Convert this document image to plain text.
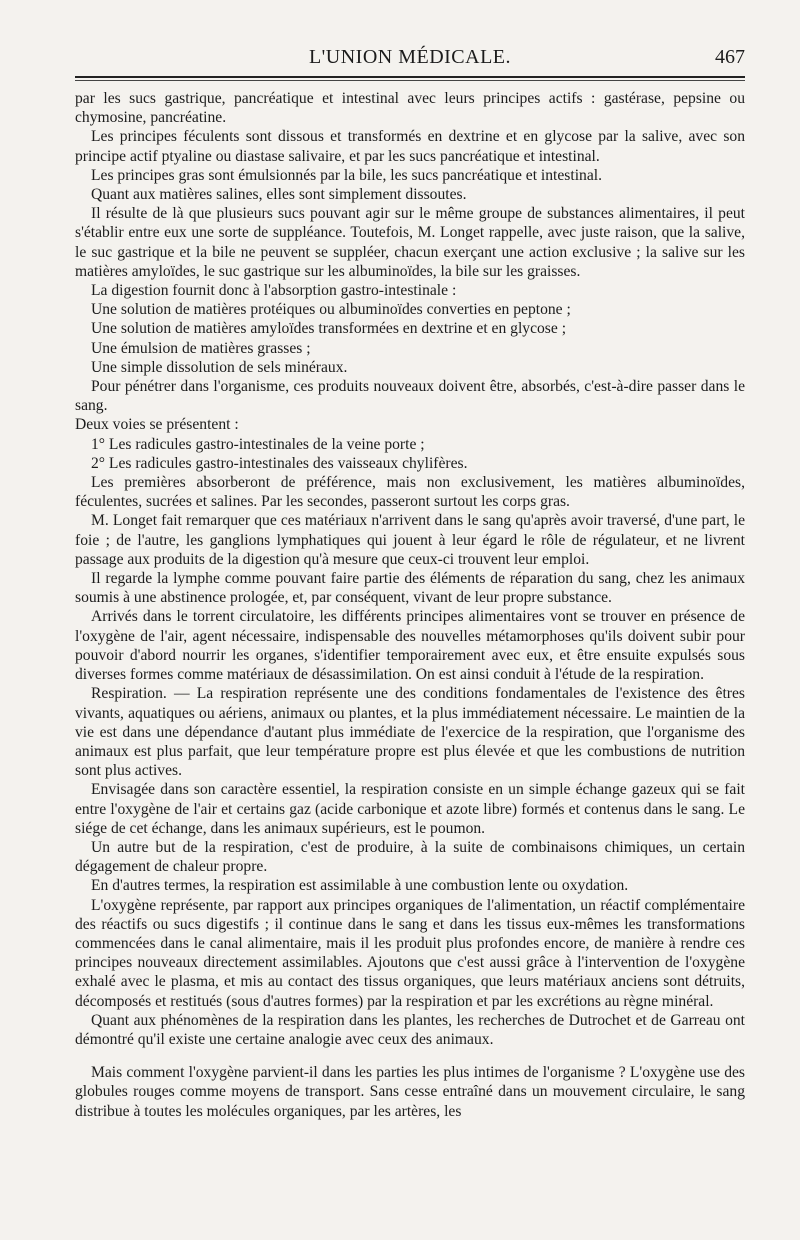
L'UNION MÉDICALE.	467

par les sucs gastrique, pancréatique et intestinal avec leurs principes actifs : gastérase, pepsine ou chymosine, pancréatine.

Les principes féculents sont dissous et transformés en dextrine et en glycose par la salive, avec son principe actif ptyaline ou diastase salivaire, et par les sucs pancréatique et intestinal.

Les principes gras sont émulsionnés par la bile, les sucs pancréatique et intestinal.

Quant aux matières salines, elles sont simplement dissoutes.

Il résulte de là que plusieurs sucs pouvant agir sur le même groupe de substances alimentaires, il peut s'établir entre eux une sorte de suppléance. Toutefois, M. Longet rappelle, avec juste raison, que la salive, le suc gastrique et la bile ne peuvent se suppléer, chacun exerçant une action exclusive ; la salive sur les matières amyloïdes, le suc gastrique sur les albuminoïdes, la bile sur les graisses.

La digestion fournit donc à l'absorption gastro-intestinale :

Une solution de matières protéiques ou albuminoïdes converties en peptone ;

Une solution de matières amyloïdes transformées en dextrine et en glycose ;

Une émulsion de matières grasses ;

Une simple dissolution de sels minéraux.

Pour pénétrer dans l'organisme, ces produits nouveaux doivent être, absorbés, c'est-à-dire passer dans le sang.

Deux voies se présentent :

1° Les radicules gastro-intestinales de la veine porte ;

2° Les radicules gastro-intestinales des vaisseaux chylifères.

Les premières absorberont de préférence, mais non exclusivement, les matières albuminoïdes, féculentes, sucrées et salines. Par les secondes, passeront surtout les corps gras.

M. Longet fait remarquer que ces matériaux n'arrivent dans le sang qu'après avoir traversé, d'une part, le foie ; de l'autre, les ganglions lymphatiques qui jouent à leur égard le rôle de régulateur, et ne livrent passage aux produits de la digestion qu'à mesure que ceux-ci trouvent leur emploi.

Il regarde la lymphe comme pouvant faire partie des éléments de réparation du sang, chez les animaux soumis à une abstinence prologée, et, par conséquent, vivant de leur propre substance.

Arrivés dans le torrent circulatoire, les différents principes alimentaires vont se trouver en présence de l'oxygène de l'air, agent nécessaire, indispensable des nouvelles métamorphoses qu'ils doivent subir pour pouvoir d'abord nourrir les organes, s'identifier temporairement avec eux, et être ensuite expulsés sous diverses formes comme matériaux de désassimilation. On est ainsi conduit à l'étude de la respiration.

Respiration. — La respiration représente une des conditions fondamentales de l'existence des êtres vivants, aquatiques ou aériens, animaux ou plantes, et la plus immédiatement nécessaire. Le maintien de la vie est dans une dépendance d'autant plus immédiate de l'exercice de la respiration, que l'organisme des animaux est plus parfait, que leur température propre est plus élevée et que les combustions de nutrition sont plus actives.

Envisagée dans son caractère essentiel, la respiration consiste en un simple échange gazeux qui se fait entre l'oxygène de l'air et certains gaz (acide carbonique et azote libre) formés et contenus dans le sang. Le siége de cet échange, dans les animaux supérieurs, est le poumon.

Un autre but de la respiration, c'est de produire, à la suite de combinaisons chimiques, un certain dégagement de chaleur propre.

En d'autres termes, la respiration est assimilable à une combustion lente ou oxydation.

L'oxygène représente, par rapport aux principes organiques de l'alimentation, un réactif complémentaire des réactifs ou sucs digestifs ; il continue dans le sang et dans les tissus eux-mêmes les transformations commencées dans le canal alimentaire, mais il les produit plus profondes encore, de manière à rendre ces principes nouveaux directement assimilables. Ajoutons que c'est aussi grâce à l'intervention de l'oxygène exhalé avec le plasma, et mis au contact des tissus organiques, que leurs matériaux anciens sont détruits, décomposés et restitués (sous d'autres formes) par la respiration et par les excrétions au règne minéral.

Quant aux phénomènes de la respiration dans les plantes, les recherches de Dutrochet et de Garreau ont démontré qu'il existe une certaine analogie avec ceux des animaux.

Mais comment l'oxygène parvient-il dans les parties les plus intimes de l'organisme ? L'oxygène use des globules rouges comme moyens de transport. Sans cesse entraîné dans un mouvement circulaire, le sang distribue à toutes les molécules organiques, par les artères, les
